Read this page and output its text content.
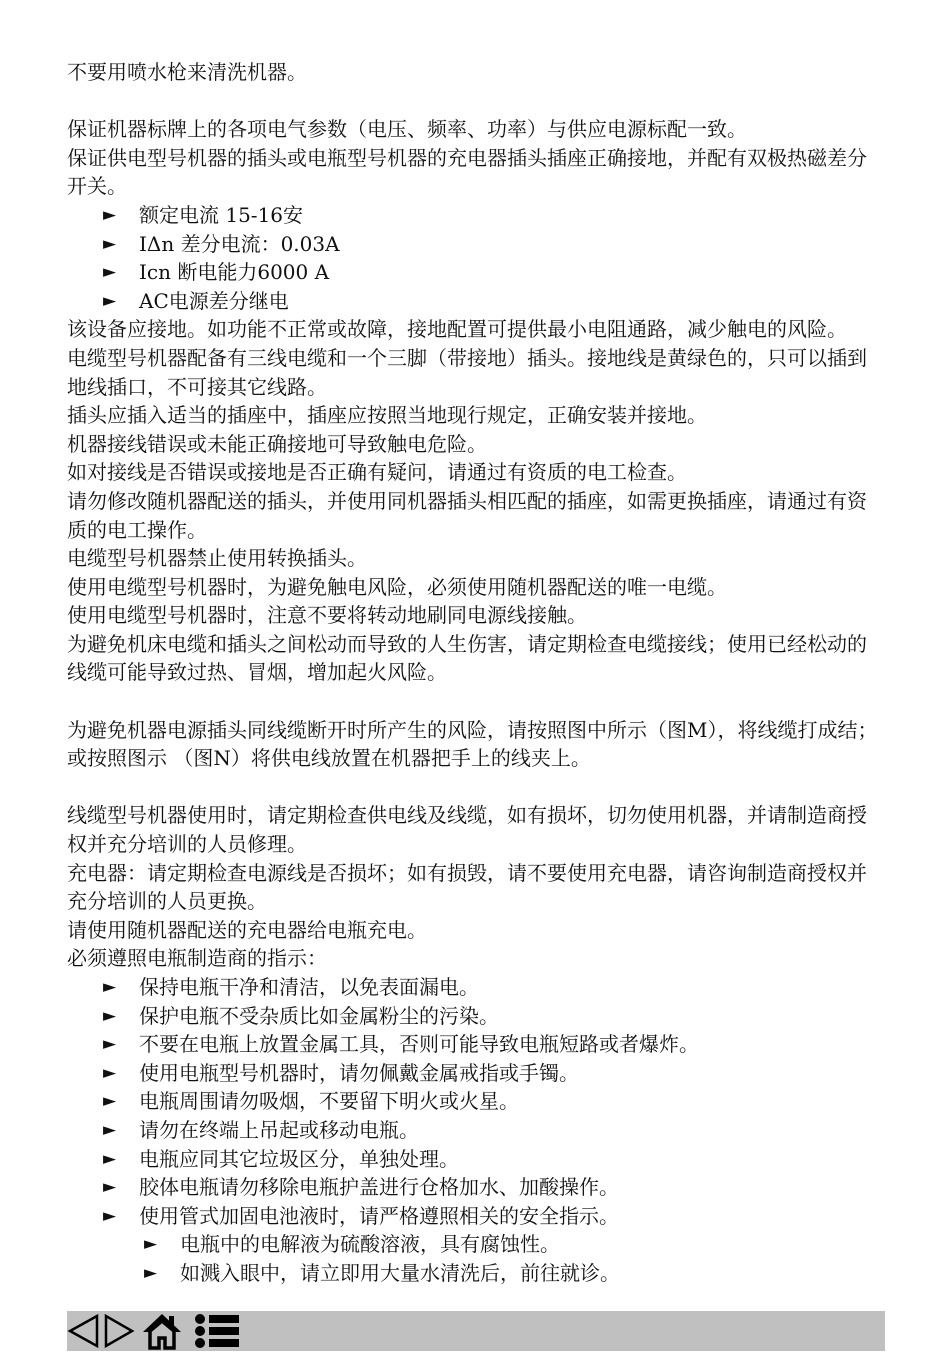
不要用喷水枪来清洗机器。

保证机器标牌上的各项电气参数（电压、频率、功率）与供应电源标配一致。

保证供电型号机器的插头或电瓶型号机器的充电器插头插座正确接地，并配有双极热磁差分开关。

► 额定电流 15-16安
► IΔn 差分电流：0.03A
► Icn 断电能力6000 A
► AC电源差分继电

该设备应接地。如功能不正常或故障，接地配置可提供最小电阻通路，减少触电的风险。

电缆型号机器配备有三线电缆和一个三脚（带接地）插头。接地线是黄绿色的，只可以插到地线插口，不可接其它线路。

插头应插入适当的插座中，插座应按照当地现行规定，正确安装并接地。

机器接线错误或未能正确接地可导致触电危险。

如对接线是否错误或接地是否正确有疑问，请通过有资质的电工检查。

请勿修改随机器配送的插头，并使用同机器插头相匹配的插座，如需更换插座，请通过有资质的电工操作。

电缆型号机器禁止使用转换插头。

使用电缆型号机器时，为避免触电风险，必须使用随机器配送的唯一电缆。

使用电缆型号机器时，注意不要将转动地刷同电源线接触。

为避免机床电缆和插头之间松动而导致的人生伤害，请定期检查电缆接线；使用已经松动的线缆可能导致过热、冒烟，增加起火风险。

为避免机器电源插头同线缆断开时所产生的风险，请按照图中所示（图M），将线缆打成结；或按照图示 （图N）将供电线放置在机器把手上的线夹上。

线缆型号机器使用时，请定期检查供电线及线缆，如有损坏，切勿使用机器，并请制造商授权并充分培训的人员修理。

充电器：请定期检查电源线是否损坏；如有损毁，请不要使用充电器，请咨询制造商授权并充分培训的人员更换。

请使用随机器配送的充电器给电瓶充电。

必须遵照电瓶制造商的指示：

► 保持电瓶干净和清洁，以免表面漏电。
► 保护电瓶不受杂质比如金属粉尘的污染。
► 不要在电瓶上放置金属工具，否则可能导致电瓶短路或者爆炸。
► 使用电瓶型号机器时，请勿佩戴金属戒指或手镯。
► 电瓶周围请勿吸烟，不要留下明火或火星。
► 请勿在终端上吊起或移动电瓶。
► 电瓶应同其它垃圾区分，单独处理。
► 胶体电瓶请勿移除电瓶护盖进行仓格加水、加酸操作。
► 使用管式加固电池液时，请严格遵照相关的安全指示。
► 电瓶中的电解液为硫酸溶液，具有腐蚀性。
► 如溅入眼中，请立即用大量水清洗后，前往就诊。
